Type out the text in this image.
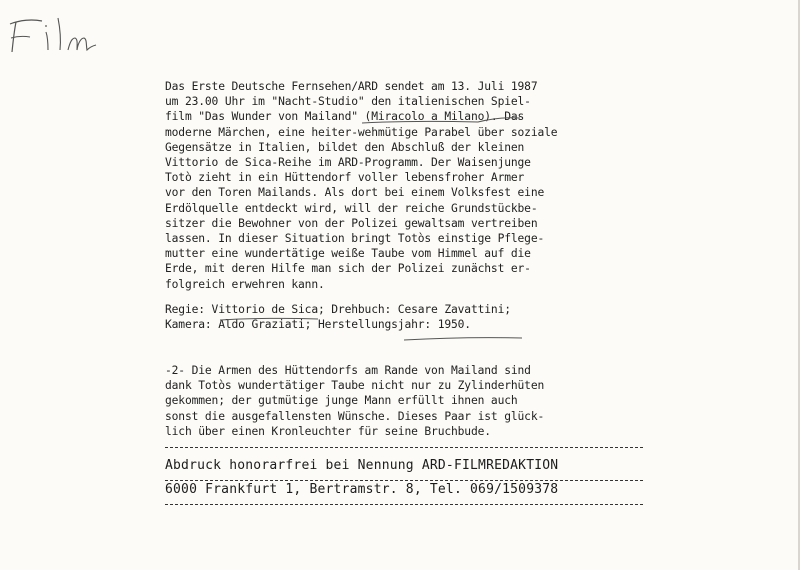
Das Erste Deutsche Fernsehen/ARD sendet am 13. Juli 1987
um 23.00 Uhr im "Nacht-Studio" den italienischen Spiel-
film "Das Wunder von Mailand" (Miracolo a Milano). Das
moderne Märchen, eine heiter-wehmütige Parabel über soziale
Gegensätze in Italien, bildet den Abschluß der kleinen
Vittorio de Sica-Reihe im ARD-Programm. Der Waisenjunge
Totò zieht in ein Hüttendorf voller lebensfroher Armer
vor den Toren Mailands. Als dort bei einem Volksfest eine
Erdölquelle entdeckt wird, will der reiche Grundstückbe-
sitzer die Bewohner von der Polizei gewaltsam vertreiben
lassen. In dieser Situation bringt Totòs einstige Pflege-
mutter eine wundertätige weiße Taube vom Himmel auf die
Erde, mit deren Hilfe man sich der Polizei zunächst er-
folgreich erwehren kann.

Regie: Vittorio de Sica; Drehbuch: Cesare Zavattini;
Kamera: Aldo Graziati; Herstellungsjahr: 1950.

-2- Die Armen des Hüttendorfs am Rande von Mailand sind
dank Totòs wundertätiger Taube nicht nur zu Zylinderhüten
gekommen; der gutmütige junge Mann erfüllt ihnen auch
sonst die ausgefallensten Wünsche. Dieses Paar ist glück-
lich über einen Kronleuchter für seine Bruchbude.

Abdruck honorarfrei bei Nennung ARD-FILMREDAKTION

6000 Frankfurt 1, Bertramstr. 8, Tel. 069/1509378
